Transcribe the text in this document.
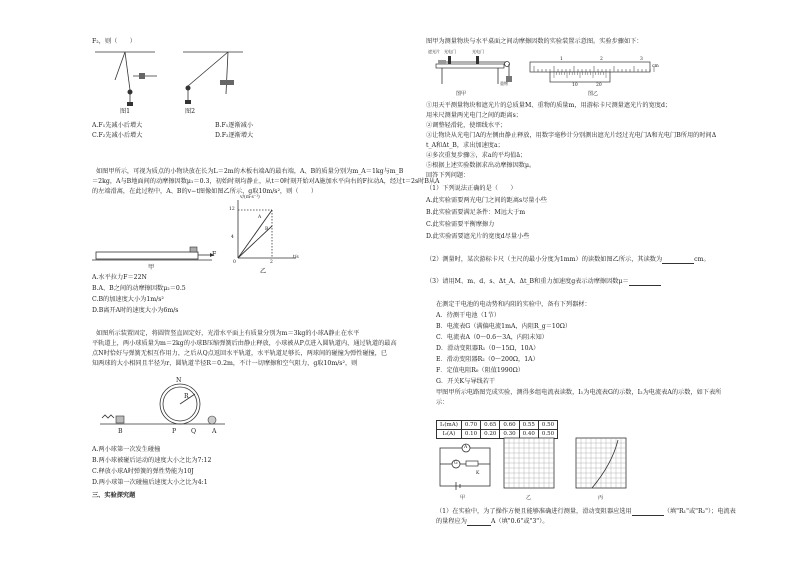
F₂，则（　　）
图1	图2
A.F₁先减小后增大	B.F₁逐渐减小
C.F₂先减小后增大	D.F₂逐渐增大
如图甲所示，可视为质点的小物块放在长为L＝2m的木板右端A的最右端，A、B的质量分别为m_A＝1kg与m_B
＝2kg，A与B地面间的动摩擦因数μ₁＝0.3，初始时刻均静止，从t＝0时刻开始对A施加水平向右的F拉动A，经过t＝2s时B从A
的左端滑离，在此过程中，A、B的v−t图像如图乙所示，g取10m/s²，则（　　）
F
甲
v/(m·s⁻¹)
12
4
0	2
t/s
A
B
乙
A.水平拉力F＝22N
B.A、B之间的动摩擦因数μ₂＝0.5
C.B的加速度大小为1m/s²
D.B离开A时的速度大小为6m/s
如图所示装置固定，将圆管竖直固定好，光滑水平面上有质量分别为m＝3kg的小球A静止在水平
平轨道上，两小球质量为m＝2kg的小球B压缩弹簧后由静止释放，小球被从P点进入圆轨道内，通过轨道的最高
点N时恰好与弹簧无相互作用力，之后从Q点返回水平轨道，水平轨道足够长，两球间的碰撞为弹性碰撞，已
知两球的大小相同且半径为r，圆轨道半径R＝0.2m，不计一切摩擦和空气阻力，g取10m/s²，则
N
R
P Q
B	A
A.两小球第一次发生碰撞
B.两小球被碰后运动的速度大小之比为7:12
C.释放小球A时弹簧的弹性势能为10J
D.两小球第一次碰撞后速度大小之比为4:1
三、实验探究题
图甲为测量物块与水平桌面之间动摩擦因数的实验装置示意图。实验步骤如下：
遮光片 光电门	光电门
重物
图甲
1	2	3
cm
10	20
图乙
①用天平测量物块和遮光片的总质量M、重物的质量m，用游标卡尺测量遮光片的宽度d；
用米尺测量两光电门之间的距离s；
②调整轻滑轮，使细线水平；
③让物块从光电门A的左侧由静止释放，用数字毫秒计分别测出遮光片经过光电门A和光电门B所用的时间Δ
t_A和Δt_B，求出加速度a；
④多次重复步骤③，求a的平均值ā；
⑤根据上述实验数据求出动摩擦因数μ。
回答下列问题：
（1）下列说法正确的是（　　）
A.此实验需要两光电门之间的距离s尽量小些
B.此实验需要满足条件：M远大于m
C.此实验需要平衡摩擦力
D.此实验需要遮光片的宽度d尽量小些
（2）测量时，某次游标卡尺（主尺的最小分度为1mm）的读数如图乙所示，其读数为	cm。
（3）请用M、m、d、s、Δt_A、Δt_B和重力加速度g表示动摩擦因数μ＝
在测定干电池的电动势和内阻的实验中，备有下列器材：
A．待测干电池（1节）
B．电流表G（满偏电流1mA，内阻R_g＝10Ω）
C．电流表A（0～0.6～3A，内阻未知）
D．滑动变阻器R₁（0～15Ω，10A）
E．滑动变阻器R₂（0～200Ω，1A）
F．定值电阻R₀（阻值1990Ω）
G．开关K与导线若干
甲图甲所示电路图完成实验，测得多组电流表读数，I₁为电流表G的示数，I₂为电流表A的示数，如下表所
示：
I₁(mA)	0.70	0.65	0.60	0.55	0.50
I₂(A)	0.10	0.20	0.30	0.40	0.50
A
G
K
甲	乙	丙
（1）在实验中，为了操作方便且能够准确进行测量，滑动变阻器应选用	（填"R₁"或"R₂"）；电流表
的量程应为	A（填"0.6"或"3"）。
